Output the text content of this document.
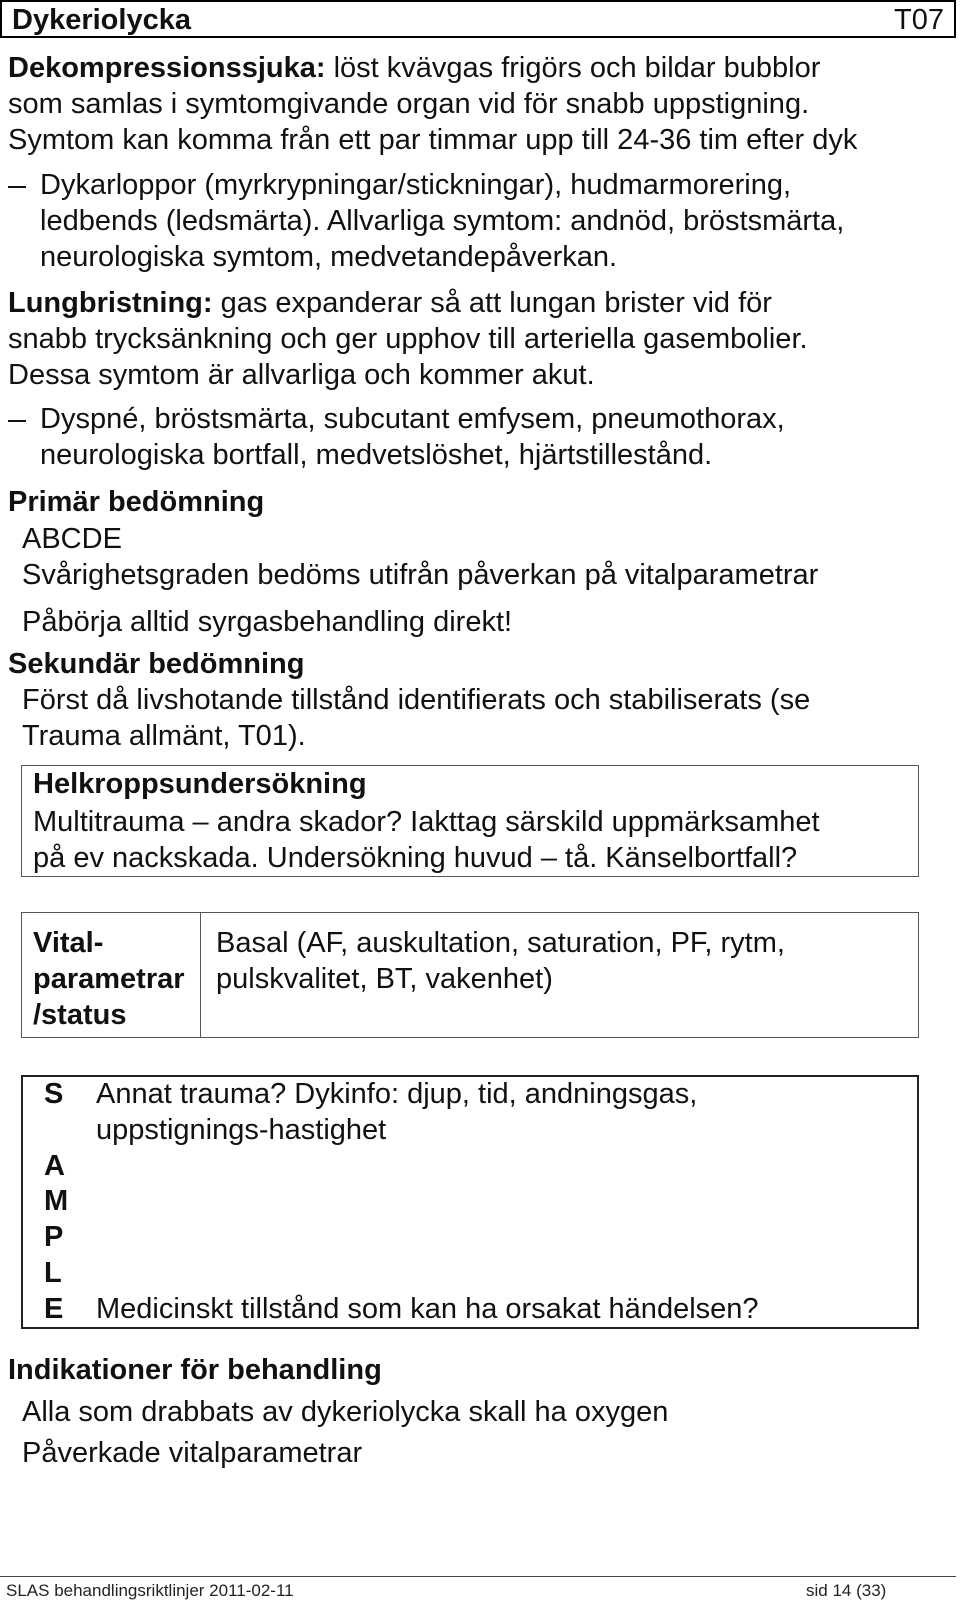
Dykeriolycka	T07
Dekompressionssjuka: löst kvävgas frigörs och bildar bubblor
som samlas i symtomgivande organ vid för snabb uppstigning.
Symtom kan komma från ett par timmar upp till 24-36 tim efter dyk
Dykarloppor (myrkrypningar/stickningar), hudmarmorering,
ledbends (ledsmärta). Allvarliga symtom: andnöd, bröstsmärta,
neurologiska symtom, medvetandepåverkan.
Lungbristning: gas expanderar så att lungan brister vid för
snabb trycksänkning och ger upphov till arteriella gasembolier.
Dessa symtom är allvarliga och kommer akut.
Dyspné, bröstsmärta, subcutant emfysem, pneumothorax,
neurologiska bortfall, medvetslöshet, hjärtstillestånd.
Primär bedömning
ABCDE
Svårighetsgraden bedöms utifrån påverkan på vitalparametrar
Påbörja alltid syrgasbehandling direkt!
Sekundär bedömning
Först då livshotande tillstånd identifierats och stabiliserats (se
Trauma allmänt, T01).
Helkroppsundersökning
Multitrauma – andra skador? Iakttag särskild uppmärksamhet
på ev nackskada. Undersökning huvud – tå. Känselbortfall?
Vital-
parametrar
/status
Basal (AF, auskultation, saturation, PF, rytm,
pulskvalitet, BT, vakenhet)
S
A
M
P
L
E
Annat trauma? Dykinfo: djup, tid, andningsgas,
uppstignings-hastighet
Medicinskt tillstånd som kan ha orsakat händelsen?
Indikationer för behandling
Alla som drabbats av dykeriolycka skall ha oxygen
Påverkade vitalparametrar
SLAS behandlingsriktlinjer 2011-02-11	sid 14 (33)
